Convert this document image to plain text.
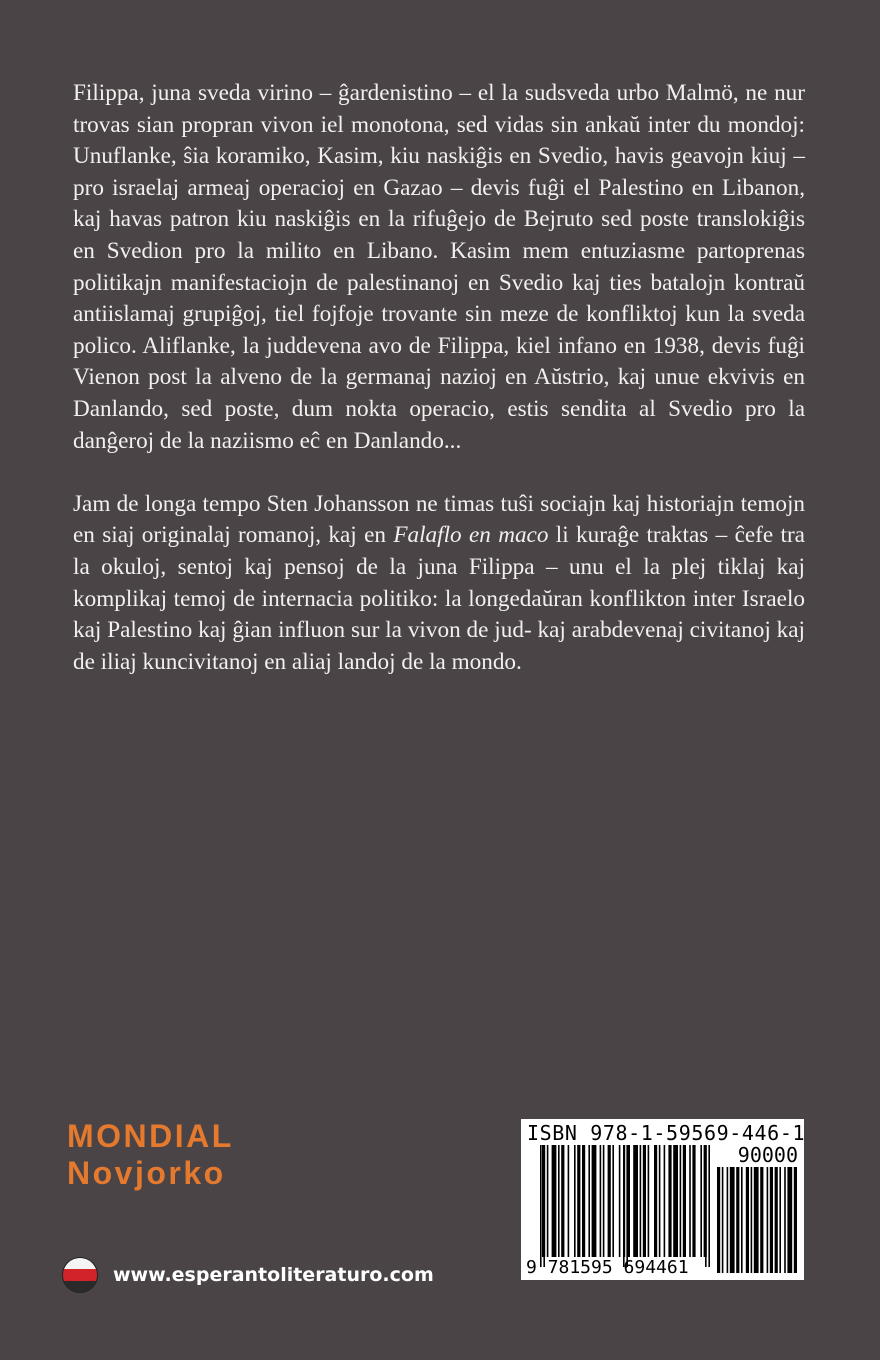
Filippa, juna sveda virino – ĝardenistino – el la sudsveda urbo Malmö, ne nur trovas sian propran vivon iel monotona, sed vidas sin ankaŭ inter du mondoj: Unuflanke, ŝia koramiko, Kasim, kiu naskiĝis en Svedio, havis geavojn kiuj – pro israelaj armeaj operacioj en Gazao – devis fuĝi el Palestino en Libanon, kaj havas patron kiu naskiĝis en la rifuĝejo de Bejruto sed poste translokiĝis en Svedion pro la milito en Libano. Kasim mem entuziasme partoprenas politikajn manifestaciojn de palestinanoj en Svedio kaj ties batalojn kontraŭ antiislamaj grupiĝoj, tiel fojfoje trovante sin meze de konfliktoj kun la sveda polico. Aliflanke, la juddevena avo de Filippa, kiel infano en 1938, devis fuĝi Vienon post la alveno de la germanaj nazioj en Aŭstrio, kaj unue ekvivis en Danlando, sed poste, dum nokta operacio, estis sendita al Svedio pro la danĝeroj de la naziismo eĉ en Danlando...

Jam de longa tempo Sten Johansson ne timas tuŝi sociajn kaj historiajn temojn en siaj originalaj romanoj, kaj en Falaflo en maco li kuraĝe traktas – ĉefe tra la okuloj, sentoj kaj pensoj de la juna Filippa – unu el la plej tiklaj kaj komplikaj temoj de internacia politiko: la longedaŭran konflikton inter Israelo kaj Palestino kaj ĝian influon sur la vivon de jud- kaj arabdevenaj civitanoj kaj de iliaj kuncivitanoj en aliaj landoj de la mondo.

MONDIAL
Novjorko
www.esperantoliteraturo.com
ISBN 978-1-59569-446-1
90000
9 781595 694461
